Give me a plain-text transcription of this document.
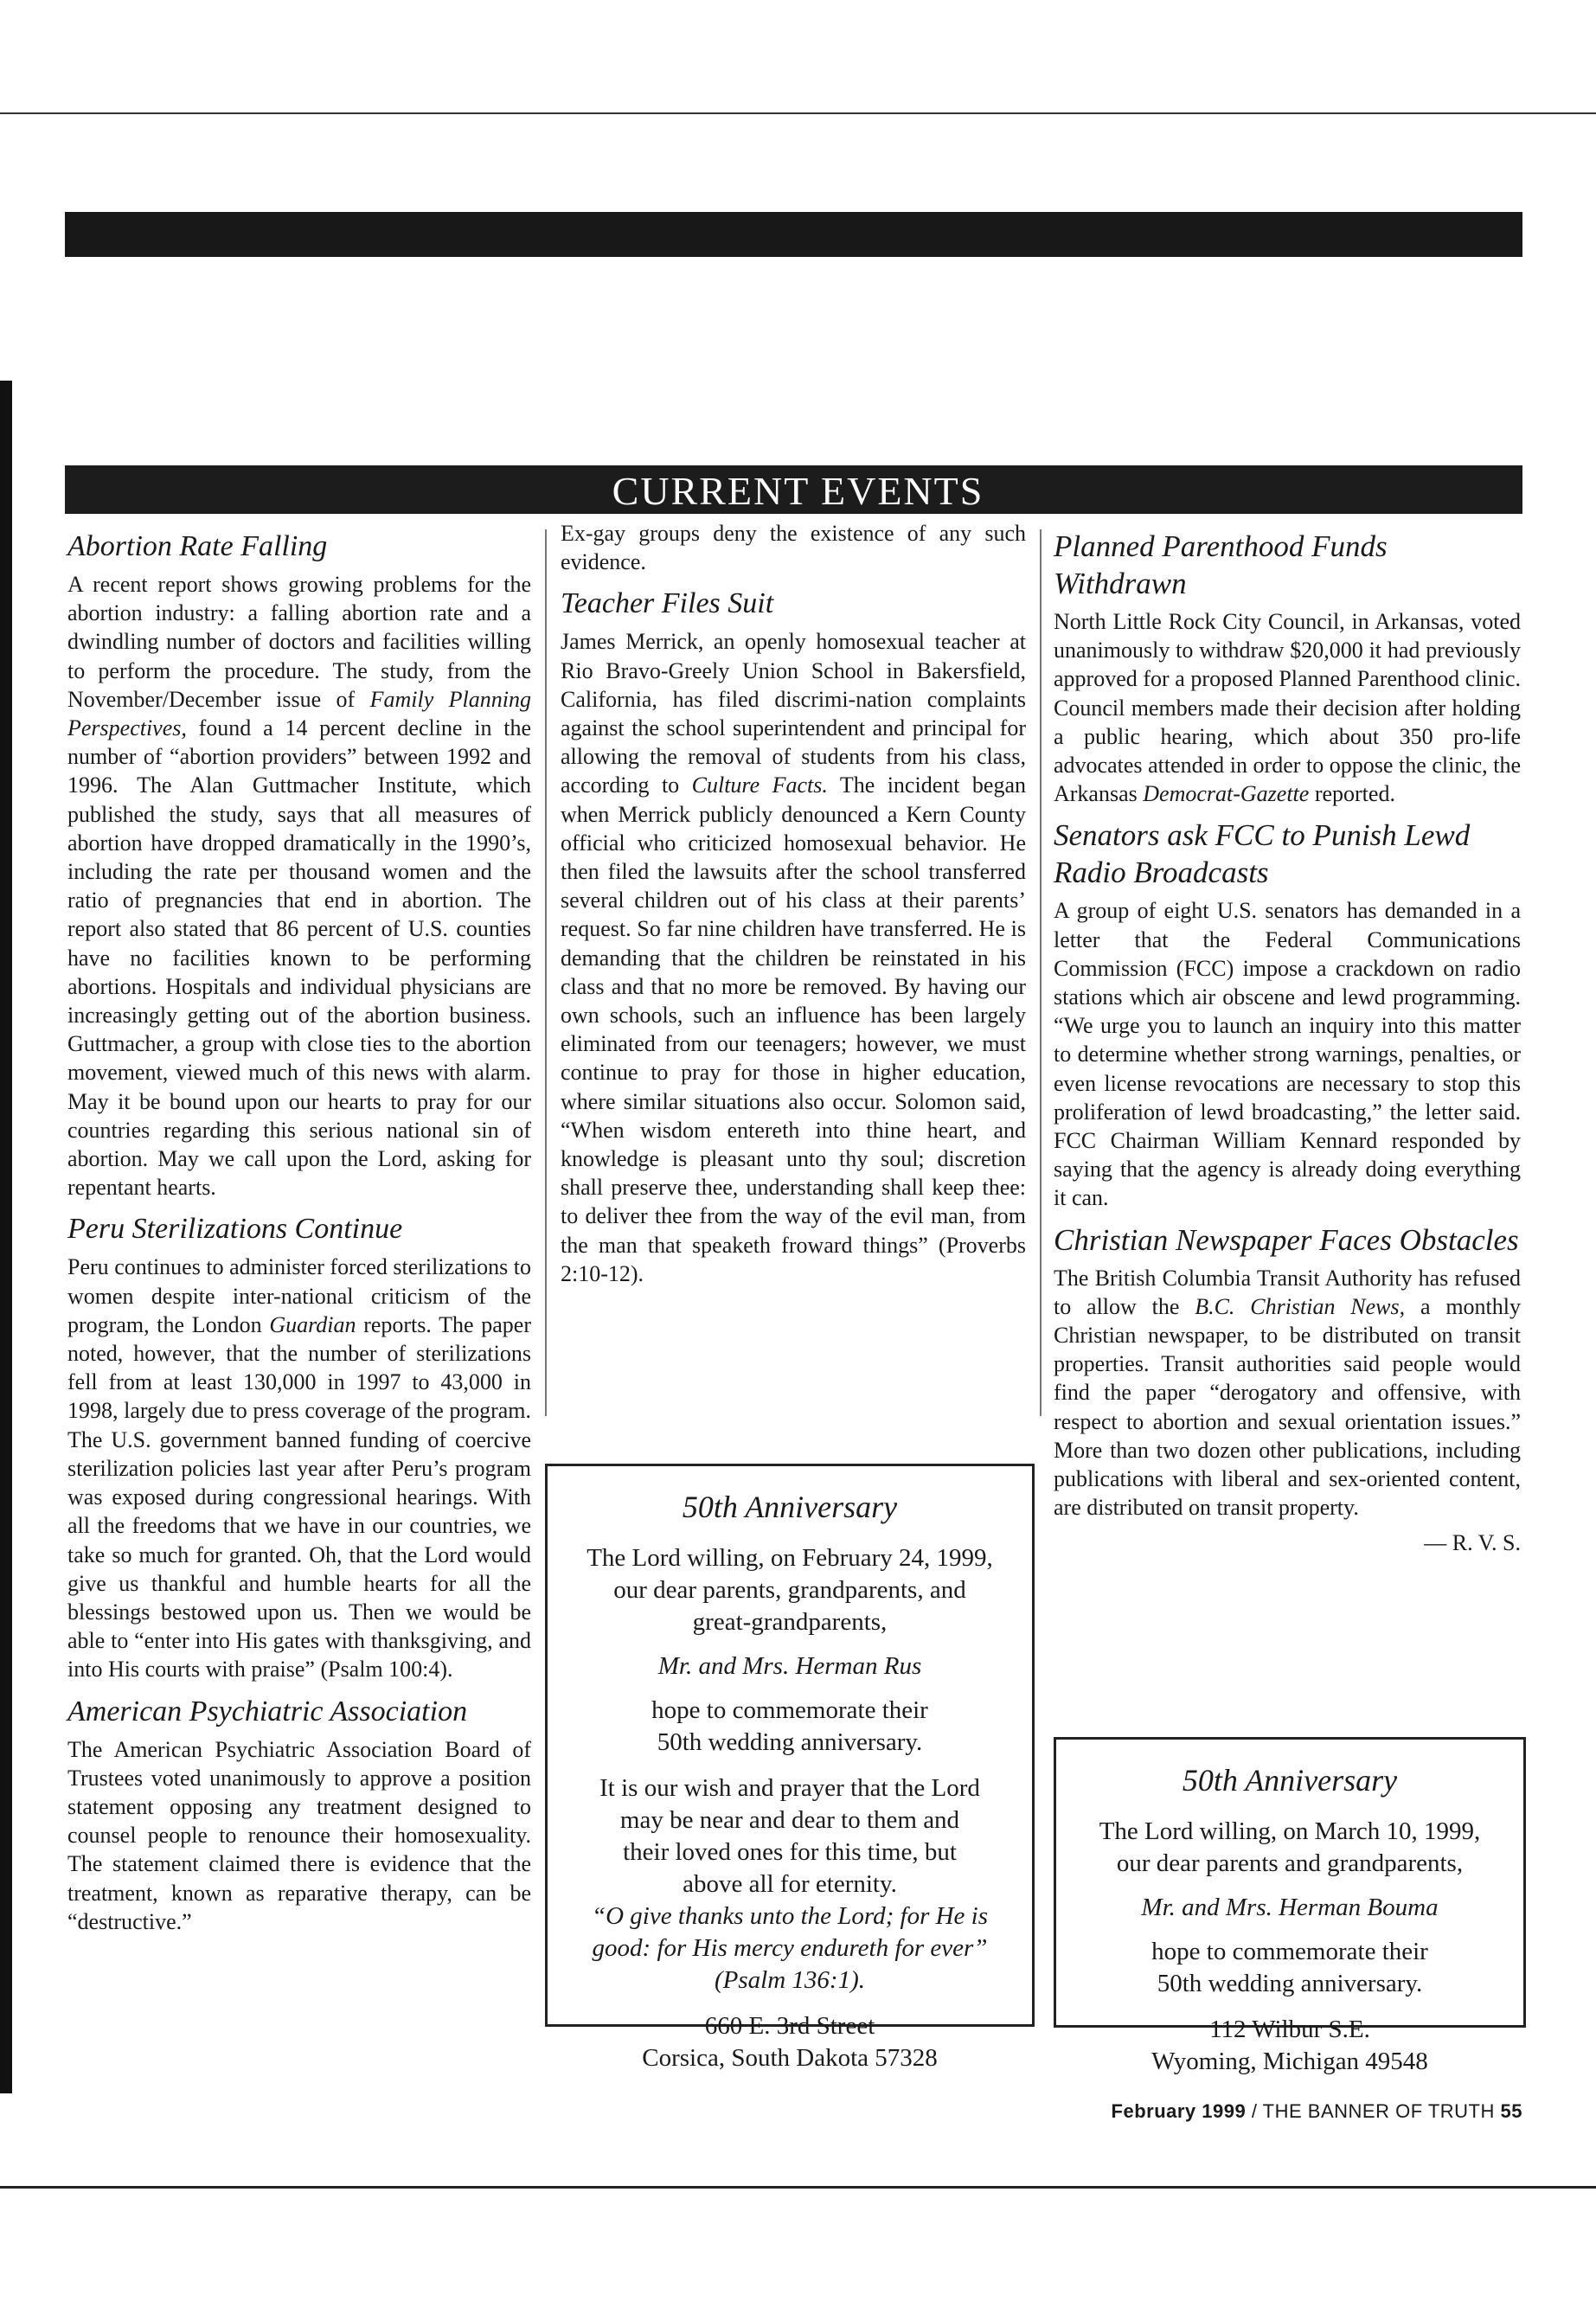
CURRENT EVENTS
Abortion Rate Falling

A recent report shows growing problems for the abortion industry: a falling abortion rate and a dwindling number of doctors and facilities willing to perform the procedure. The study, from the November/December issue of Family Planning Perspectives, found a 14 percent decline in the number of “abortion providers” between 1992 and 1996. The Alan Guttmacher Institute, which published the study, says that all measures of abortion have dropped dramatically in the 1990’s, including the rate per thousand women and the ratio of pregnancies that end in abortion. The report also stated that 86 percent of U.S. counties have no facilities known to be performing abortions. Hospitals and individual physicians are increasingly getting out of the abortion business. Guttmacher, a group with close ties to the abortion movement, viewed much of this news with alarm. May it be bound upon our hearts to pray for our countries regarding this serious national sin of abortion. May we call upon the Lord, asking for repentant hearts.

Peru Sterilizations Continue

Peru continues to administer forced sterilizations to women despite inter-national criticism of the program, the London Guardian reports. The paper noted, however, that the number of sterilizations fell from at least 130,000 in 1997 to 43,000 in 1998, largely due to press coverage of the program. The U.S. government banned funding of coercive sterilization policies last year after Peru’s program was exposed during congressional hearings. With all the freedoms that we have in our countries, we take so much for granted. Oh, that the Lord would give us thankful and humble hearts for all the blessings bestowed upon us. Then we would be able to “enter into His gates with thanksgiving, and into His courts with praise” (Psalm 100:4).

American Psychiatric Association

The American Psychiatric Association Board of Trustees voted unanimously to approve a position statement opposing any treatment designed to counsel people to renounce their homosexuality. The statement claimed there is evidence that the treatment, known as reparative therapy, can be “destructive.”

Ex-gay groups deny the existence of any such evidence.

Teacher Files Suit

James Merrick, an openly homosexual teacher at Rio Bravo-Greely Union School in Bakersfield, California, has filed discrimi-nation complaints against the school superintendent and principal for allowing the removal of students from his class, according to Culture Facts. The incident began when Merrick publicly denounced a Kern County official who criticized homosexual behavior. He then filed the lawsuits after the school transferred several children out of his class at their parents’ request. So far nine children have transferred. He is demanding that the children be reinstated in his class and that no more be removed. By having our own schools, such an influence has been largely eliminated from our teenagers; however, we must continue to pray for those in higher education, where similar situations also occur. Solomon said, “When wisdom entereth into thine heart, and knowledge is pleasant unto thy soul; discretion shall preserve thee, understanding shall keep thee: to deliver thee from the way of the evil man, from the man that speaketh froward things” (Proverbs 2:10-12).

50th Anniversary
The Lord willing, on February 24, 1999,
our dear parents, grandparents, and
great-grandparents,
Mr. and Mrs. Herman Rus
hope to commemorate their
50th wedding anniversary.
It is our wish and prayer that the Lord
may be near and dear to them and
their loved ones for this time, but
above all for eternity.
“O give thanks unto the Lord; for He is
good: for His mercy endureth for ever”
(Psalm 136:1).
660 E. 3rd Street
Corsica, South Dakota 57328
Planned Parenthood Funds Withdrawn

North Little Rock City Council, in Arkansas, voted unanimously to withdraw $20,000 it had previously approved for a proposed Planned Parenthood clinic. Council members made their decision after holding a public hearing, which about 350 pro-life advocates attended in order to oppose the clinic, the Arkansas Democrat-Gazette reported.

Senators ask FCC to Punish Lewd Radio Broadcasts

A group of eight U.S. senators has demanded in a letter that the Federal Communications Commission (FCC) impose a crackdown on radio stations which air obscene and lewd programming. “We urge you to launch an inquiry into this matter to determine whether strong warnings, penalties, or even license revocations are necessary to stop this proliferation of lewd broadcasting,” the letter said. FCC Chairman William Kennard responded by saying that the agency is already doing everything it can.

Christian Newspaper Faces Obstacles

The British Columbia Transit Authority has refused to allow the B.C. Christian News, a monthly Christian newspaper, to be distributed on transit properties. Transit authorities said people would find the paper “derogatory and offensive, with respect to abortion and sexual orientation issues.” More than two dozen other publications, including publications with liberal and sex-oriented content, are distributed on transit property.

— R. V. S.
50th Anniversary
The Lord willing, on March 10, 1999,
our dear parents and grandparents,
Mr. and Mrs. Herman Bouma
hope to commemorate their
50th wedding anniversary.
112 Wilbur S.E.
Wyoming, Michigan 49548
February 1999 / THE BANNER OF TRUTH 55
